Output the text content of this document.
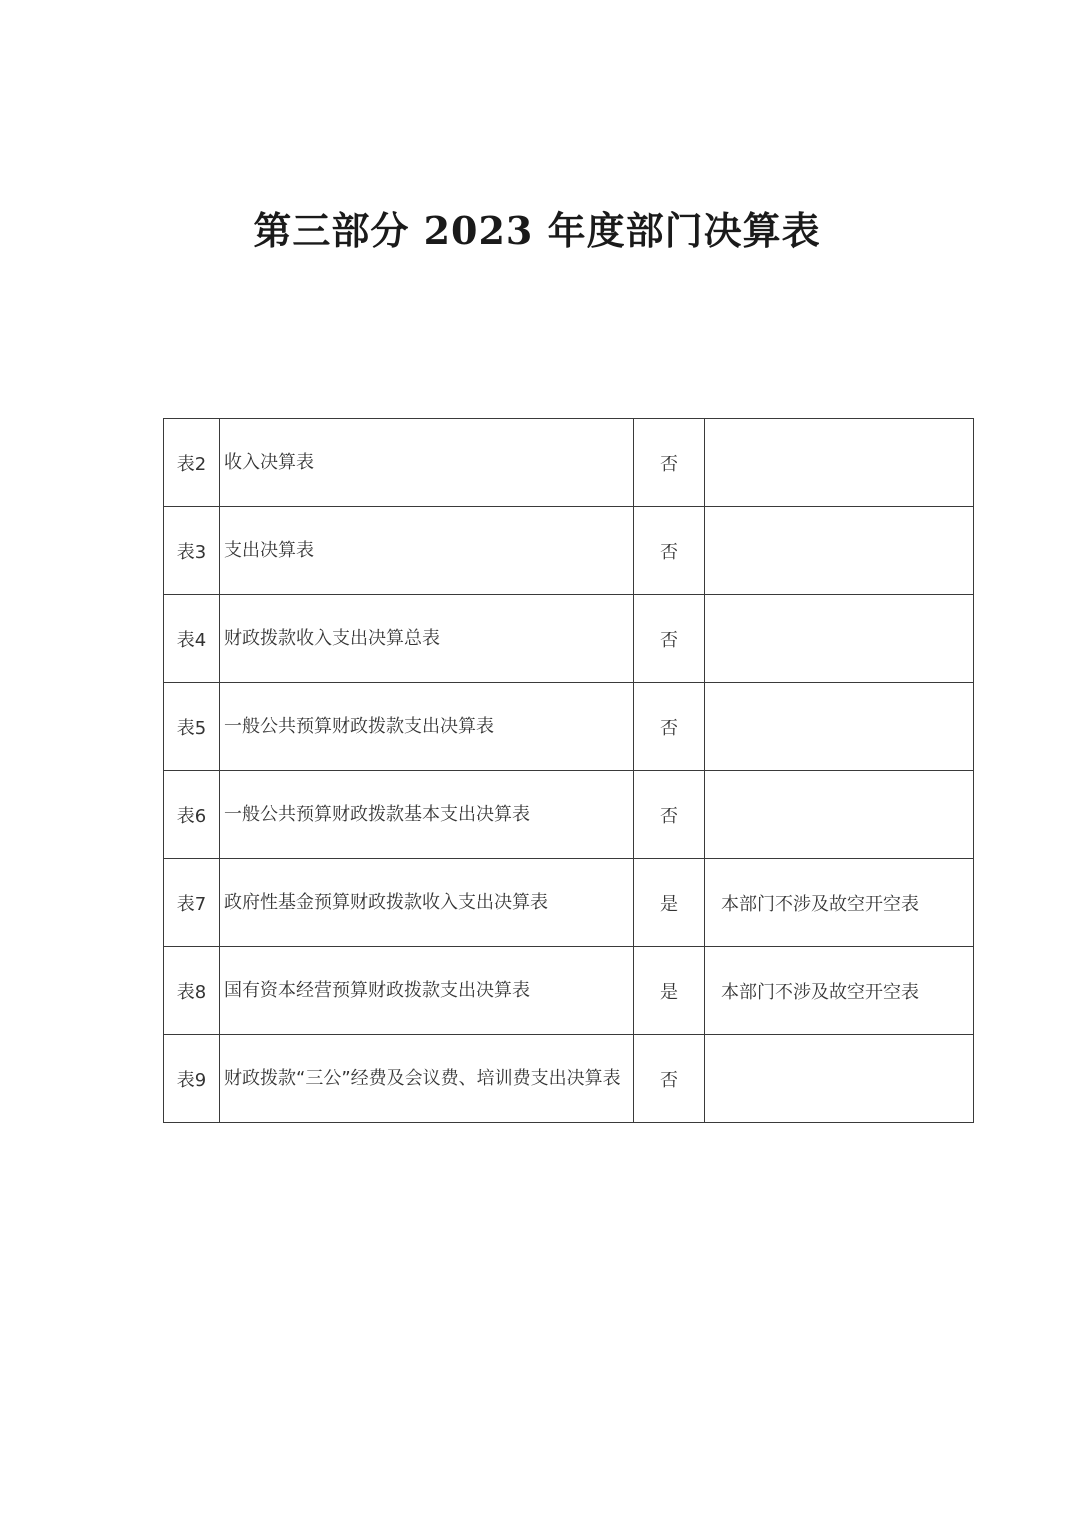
第三部分 2023 年度部门决算表
表2	收入决算表	否	
表3	支出决算表	否	
表4	财政拨款收入支出决算总表	否	
表5	一般公共预算财政拨款支出决算表	否	
表6	一般公共预算财政拨款基本支出决算表	否	
表7	政府性基金预算财政拨款收入支出决算表	是	本部门不涉及故空开空表
表8	国有资本经营预算财政拨款支出决算表	是	本部门不涉及故空开空表
表9	财政拨款“三公”经费及会议费、培训费支出决算表	否	
